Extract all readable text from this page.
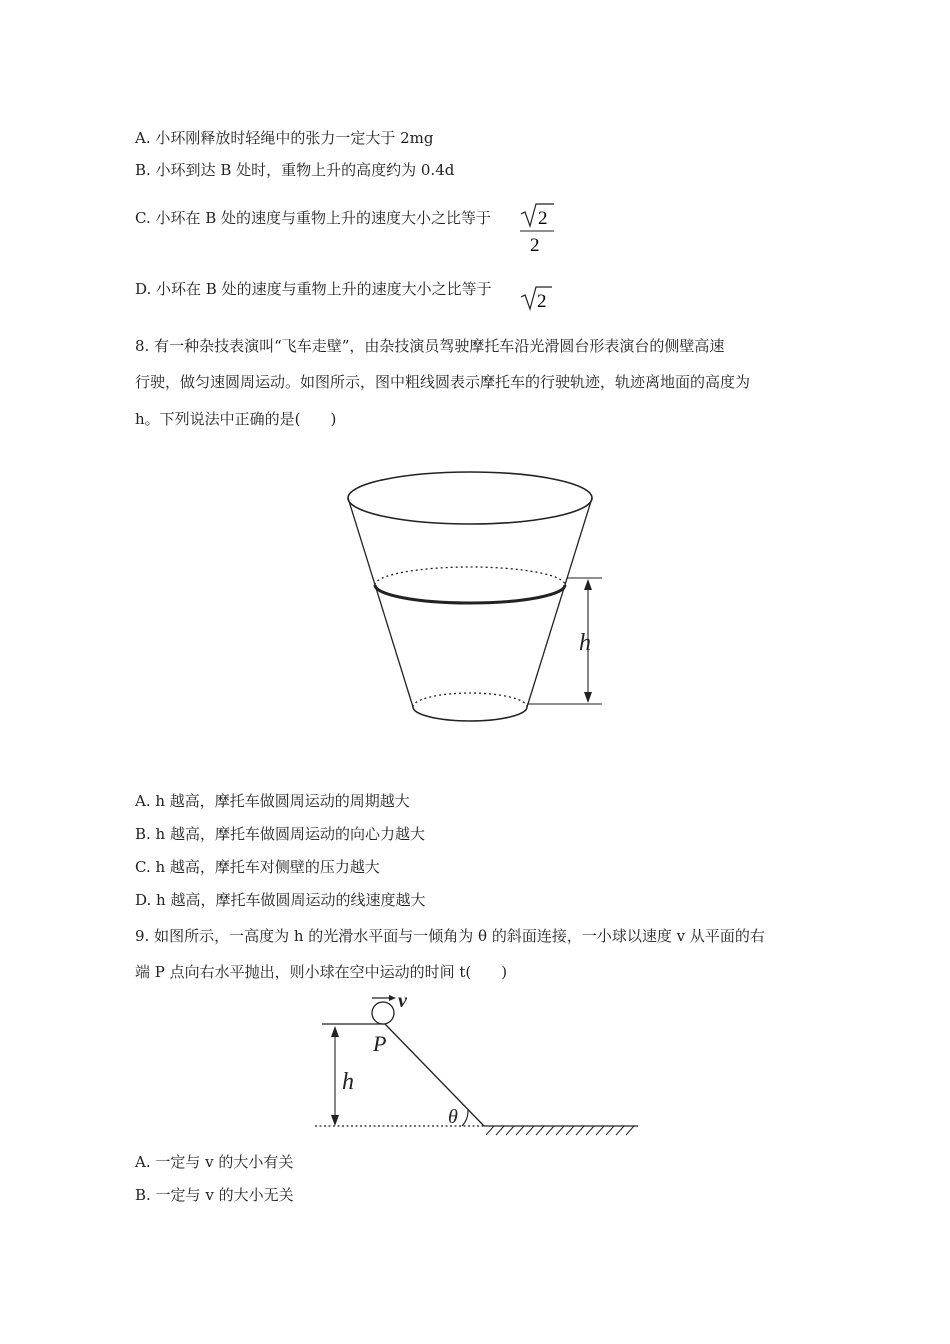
A. 小环刚释放时轻绳中的张力一定大于 2mg
B. 小环到达 B 处时，重物上升的高度约为 0.4d
C. 小环在 B 处的速度与重物上升的速度大小之比等于 2
2
D. 小环在 B 处的速度与重物上升的速度大小之比等于
2
8. 有一种杂技表演叫“飞车走壁”，由杂技演员驾驶摩托车沿光滑圆台形表演台的侧壁高速
行驶，做匀速圆周运动。如图所示，图中粗线圆表示摩托车的行驶轨迹，轨迹离地面的高度为
h。下列说法中正确的是(　　)
h
A. h 越高，摩托车做圆周运动的周期越大
B. h 越高，摩托车做圆周运动的向心力越大
C. h 越高，摩托车对侧壁的压力越大
D. h 越高，摩托车做圆周运动的线速度越大
9. 如图所示，一高度为 h 的光滑水平面与一倾角为 θ 的斜面连接，一小球以速度 v 从平面的右
端 P 点向右水平抛出，则小球在空中运动的时间 t(　　)
v
P
h
θ
A. 一定与 v 的大小有关
B. 一定与 v 的大小无关
